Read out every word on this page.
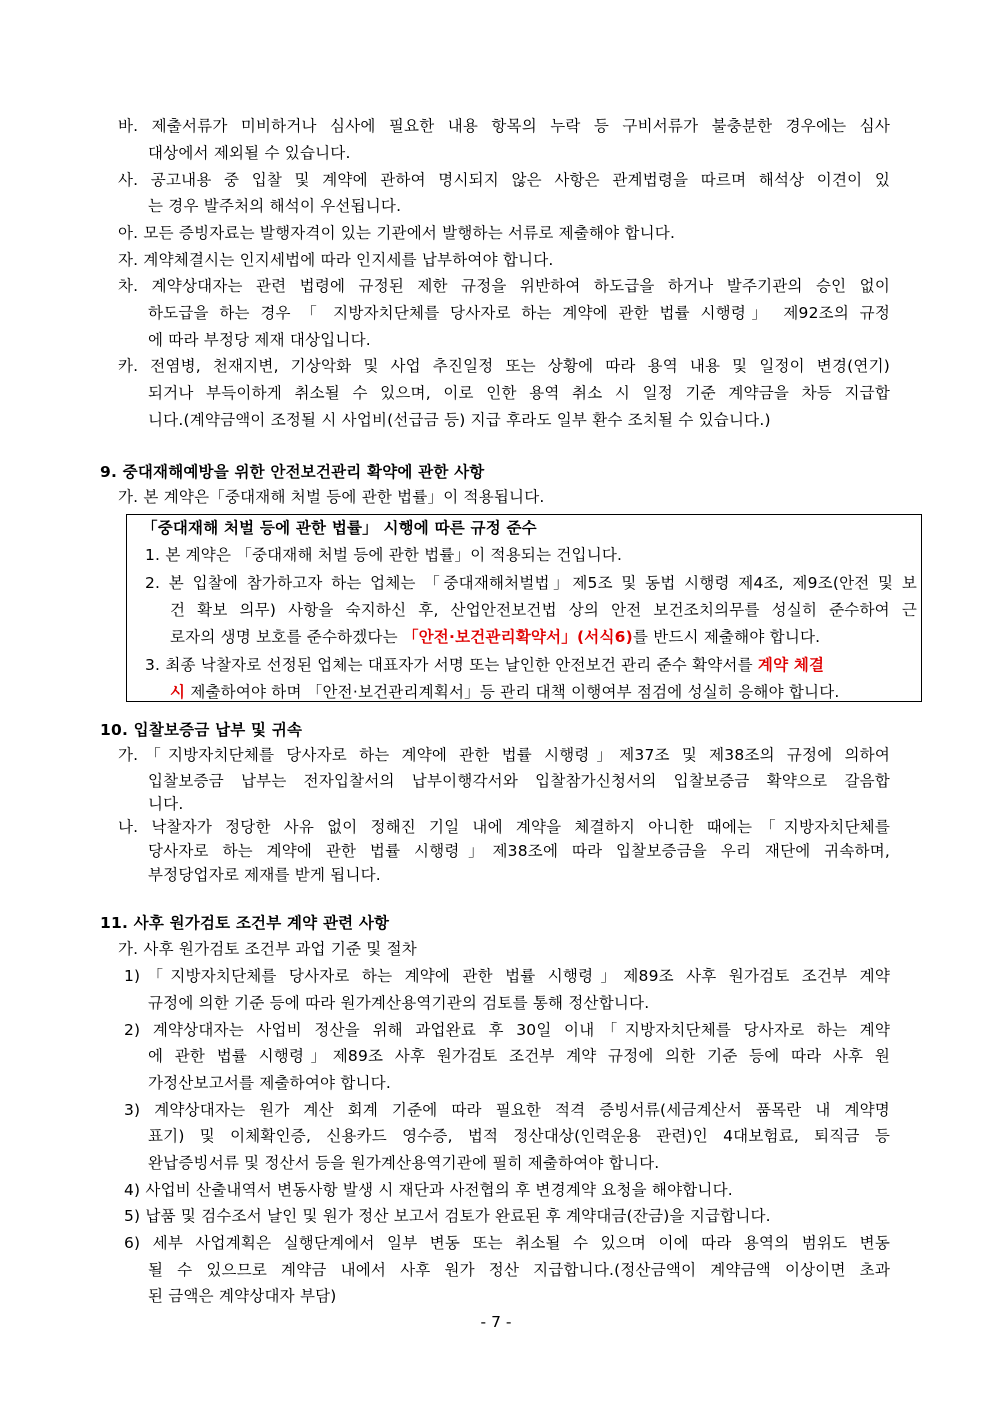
바. 제출서류가 미비하거나 심사에 필요한 내용 항목의 누락 등 구비서류가 불충분한 경우에는 심사
대상에서 제외될 수 있습니다.
사. 공고내용 중 입찰 및 계약에 관하여 명시되지 않은 사항은 관계법령을 따르며 해석상 이견이 있
는 경우 발주처의 해석이 우선됩니다.
아. 모든 증빙자료는 발행자격이 있는 기관에서 발행하는 서류로 제출해야 합니다.
자. 계약체결시는 인지세법에 따라 인지세를 납부하여야 합니다.
차. 계약상대자는 관련 법령에 규정된 제한 규정을 위반하여 하도급을 하거나 발주기관의 승인 없이
하도급을 하는 경우 「 지방자치단체를 당사자로 하는 계약에 관한 법률 시행령」 제92조의 규정
에 따라 부정당 제재 대상입니다.
카. 전염병, 천재지변, 기상악화 및 사업 추진일정 또는 상황에 따라 용역 내용 및 일정이 변경(연기)
되거나 부득이하게 취소될 수 있으며, 이로 인한 용역 취소 시 일정 기준 계약금을 차등 지급합
니다.(계약금액이 조정될 시 사업비(선급금 등) 지급 후라도 일부 환수 조치될 수 있습니다.)
9. 중대재해예방을 위한 안전보건관리 확약에 관한 사항
가. 본 계약은「중대재해 처벌 등에 관한 법률」이 적용됩니다.
「중대재해 처벌 등에 관한 법률」 시행에 따른 규정 준수
1. 본 계약은 「중대재해 처벌 등에 관한 법률」이 적용되는 건입니다.
2. 본 입찰에 참가하고자 하는 업체는 「중대재해처벌법」제5조 및 동법 시행령 제4조, 제9조(안전 및 보
건 확보 의무) 사항을 숙지하신 후, 산업안전보건법 상의 안전 보건조치의무를 성실히 준수하여 근
로자의 생명 보호를 준수하겠다는 「안전·보건관리확약서」(서식6)를 반드시 제출해야 합니다.
3. 최종 낙찰자로 선정된 업체는 대표자가 서명 또는 날인한 안전보건 관리 준수 확약서를 계약 체결
시 제출하여야 하며 「안전·보건관리계획서」등 관리 대책 이행여부 점검에 성실히 응해야 합니다.
10. 입찰보증금 납부 및 귀속
가.「지방자치단체를 당사자로 하는 계약에 관한 법률 시행령」제37조 및 제38조의 규정에 의하여
입찰보증금 납부는 전자입찰서의 납부이행각서와 입찰참가신청서의 입찰보증금 확약으로 갈음합
니다.
나. 낙찰자가 정당한 사유 없이 정해진 기일 내에 계약을 체결하지 아니한 때에는「지방자치단체를
당사자로 하는 계약에 관한 법률 시행령」제38조에 따라 입찰보증금을 우리 재단에 귀속하며,
부정당업자로 제재를 받게 됩니다.
11. 사후 원가검토 조건부 계약 관련 사항
가. 사후 원가검토 조건부 과업 기준 및 절차
1)「지방자치단체를 당사자로 하는 계약에 관한 법률 시행령」제89조 사후 원가검토 조건부 계약
규정에 의한 기준 등에 따라 원가계산용역기관의 검토를 통해 정산합니다.
2) 계약상대자는 사업비 정산을 위해 과업완료 후 30일 이내「지방자치단체를 당사자로 하는 계약
에 관한 법률 시행령」제89조 사후 원가검토 조건부 계약 규정에 의한 기준 등에 따라 사후 원
가정산보고서를 제출하여야 합니다.
3) 계약상대자는 원가 계산 회계 기준에 따라 필요한 적격 증빙서류(세금계산서 품목란 내 계약명
표기) 및 이체확인증, 신용카드 영수증, 법적 정산대상(인력운용 관련)인 4대보험료, 퇴직금 등
완납증빙서류 및 정산서 등을 원가계산용역기관에 필히 제출하여야 합니다.
4) 사업비 산출내역서 변동사항 발생 시 재단과 사전협의 후 변경계약 요청을 해야합니다.
5) 납품 및 검수조서 날인 및 원가 정산 보고서 검토가 완료된 후 계약대금(잔금)을 지급합니다.
6) 세부 사업계획은 실행단계에서 일부 변동 또는 취소될 수 있으며 이에 따라 용역의 범위도 변동
될 수 있으므로 계약금 내에서 사후 원가 정산 지급합니다.(정산금액이 계약금액 이상이면 초과
된 금액은 계약상대자 부담)
- 7 -
